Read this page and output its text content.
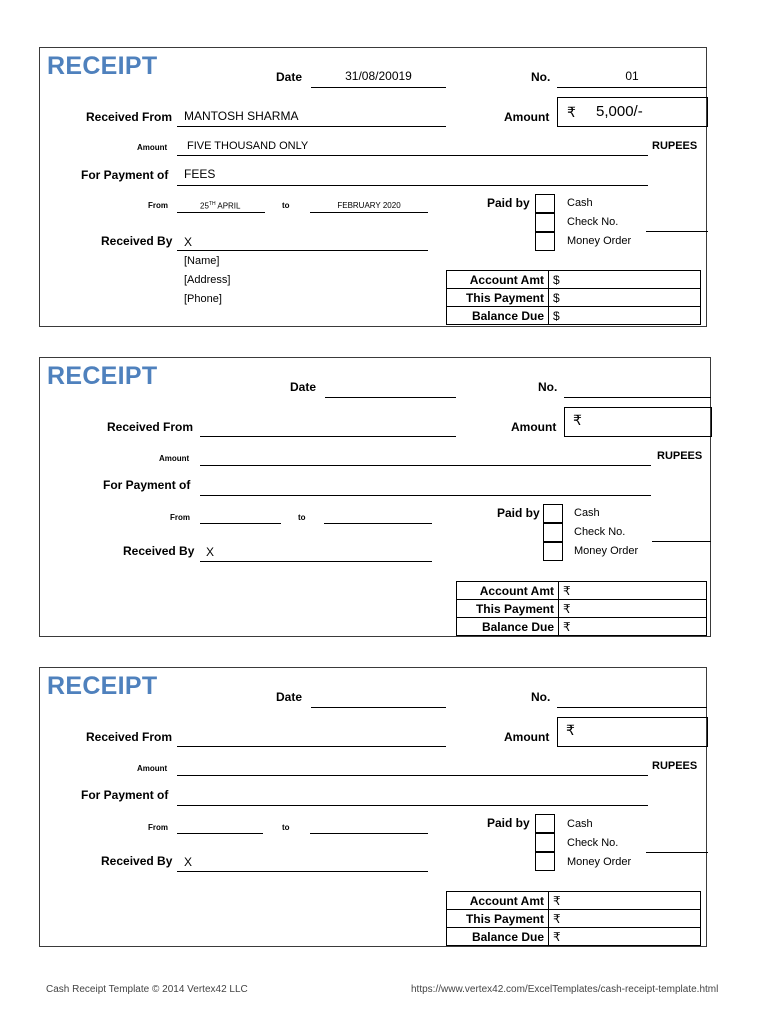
RECEIPT	Date	31/08/20019	No.	01
Received From MANTOSH SHARMA	Amount ₹ 5,000/-
Amount FIVE THOUSAND ONLY	RUPEES
For Payment of FEES
From	25TH APRIL	to	FEBRUARY 2020	Paid by	Cash
Check No.
Money Order
Received By X
[Name]
[Address]
[Phone]
Account Amt	$
This Payment	$
Balance Due	$
RECEIPT	Date	No.
Received From	Amount ₹
Amount	RUPEES
For Payment of
From	to	Paid by	Cash
Check No.
Money Order
Received By X
Account Amt	₹
This Payment	₹
Balance Due	₹
RECEIPT	Date	No.
Received From	Amount ₹
Amount	RUPEES
For Payment of
From	to	Paid by	Cash
Check No.
Money Order
Received By X
Account Amt	₹
This Payment	₹
Balance Due	₹
Cash Receipt Template © 2014 Vertex42 LLC	https://www.vertex42.com/ExcelTemplates/cash-receipt-template.html
